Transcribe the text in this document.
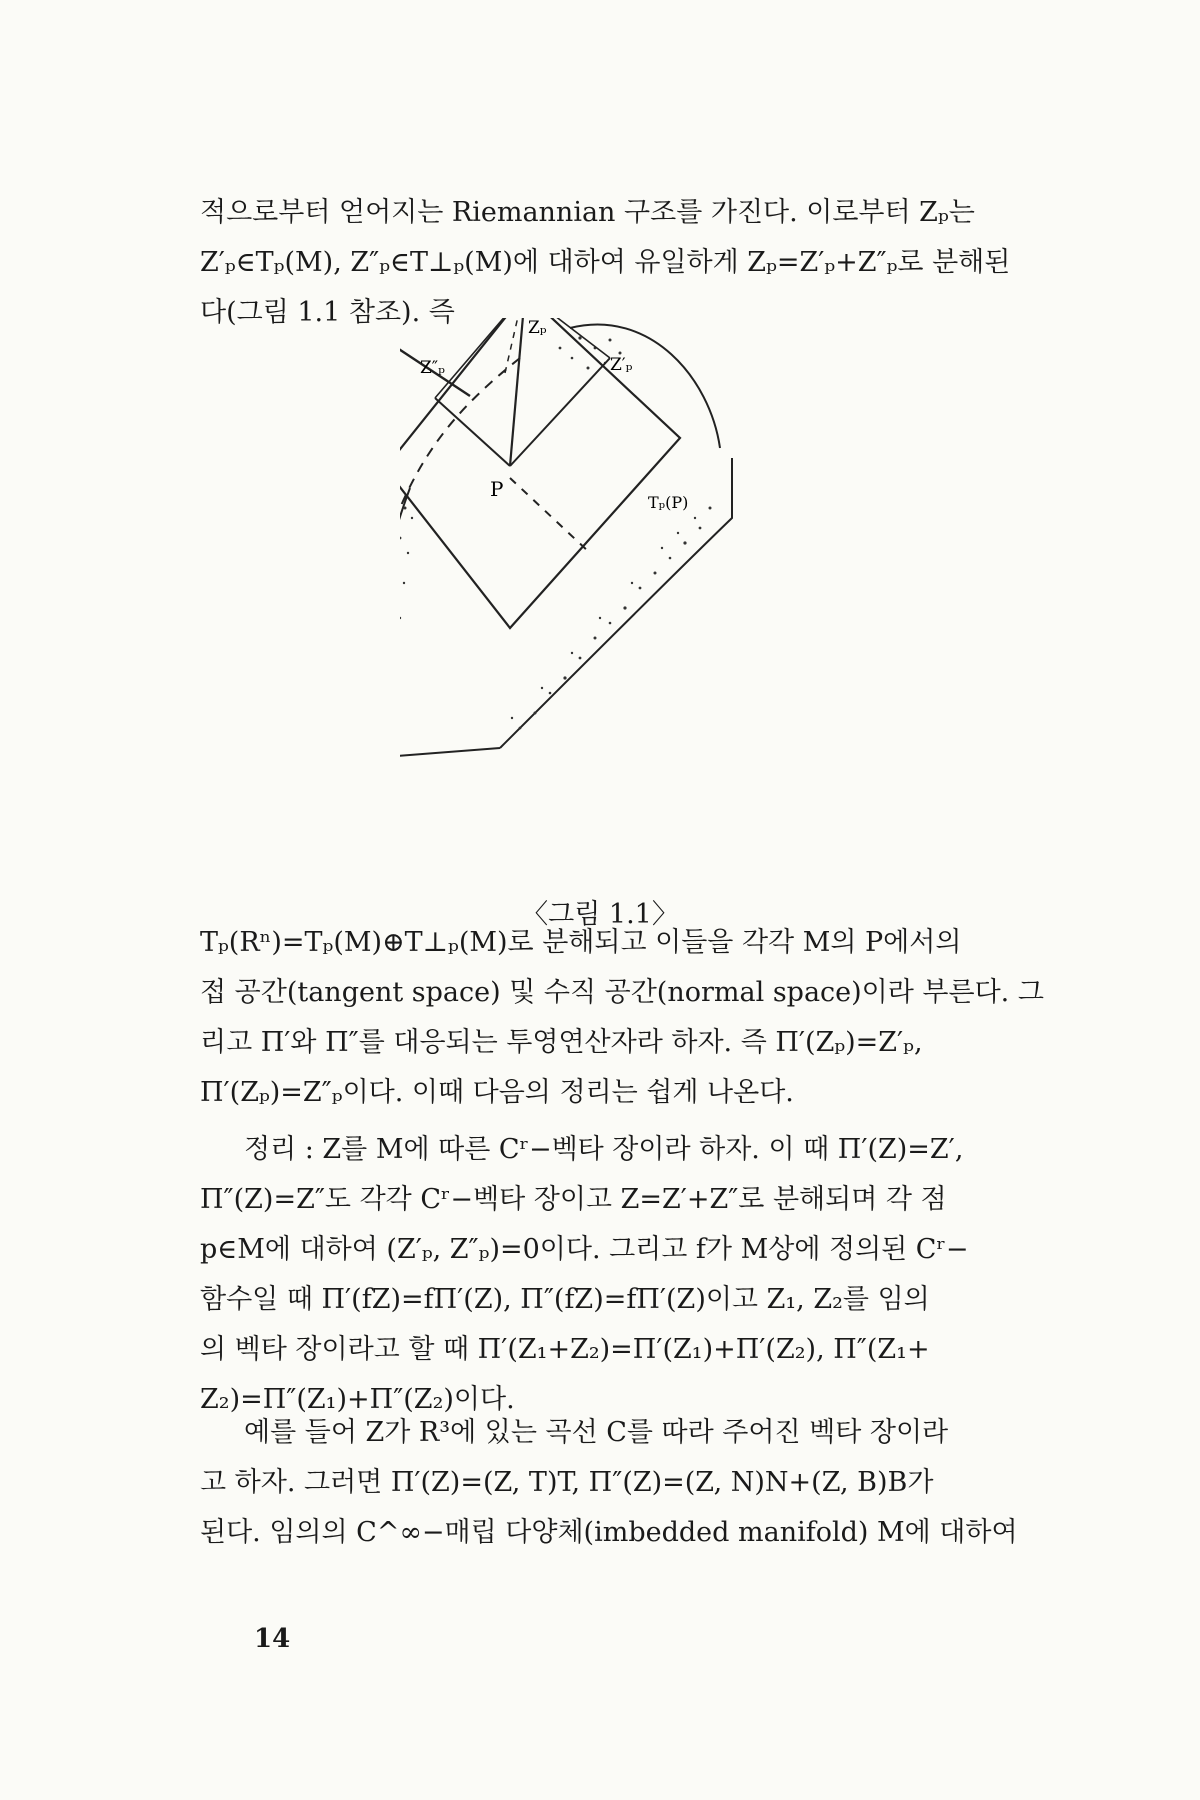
적으로부터 얻어지는 Riemannian 구조를 가진다. 이로부터 Zₚ는
Z′ₚ∈Tₚ(M), Z″ₚ∈T⊥ₚ(M)에 대하여 유일하게 Zₚ=Z′ₚ+Z″ₚ로 분해된
다(그림 1.1 참조). 즉	Zₚ
Z″ₚ	Z′ₚ
P
Tₚ(P)
〈그림 1.1〉
Tₚ(Rⁿ)=Tₚ(M)⊕T⊥ₚ(M)로 분해되고 이들을 각각 M의 P에서의
접 공간(tangent space) 및 수직 공간(normal space)이라 부른다. 그
리고 Π′와 Π″를 대응되는 투영연산자라 하자. 즉 Π′(Zₚ)=Z′ₚ,
Π′(Zₚ)=Z″ₚ이다. 이때 다음의 정리는 쉽게 나온다.
정리 : Z를 M에 따른 Cʳ−벡타 장이라 하자. 이 때 Π′(Z)=Z′,
Π″(Z)=Z″도 각각 Cʳ−벡타 장이고 Z=Z′+Z″로 분해되며 각 점
p∈M에 대하여 (Z′ₚ, Z″ₚ)=0이다. 그리고 f가 M상에 정의된 Cʳ−
함수일 때 Π′(fZ)=fΠ′(Z), Π″(fZ)=fΠ′(Z)이고 Z₁, Z₂를 임의
의 벡타 장이라고 할 때 Π′(Z₁+Z₂)=Π′(Z₁)+Π′(Z₂), Π″(Z₁+
Z₂)=Π″(Z₁)+Π″(Z₂)이다.
예를 들어 Z가 R³에 있는 곡선 C를 따라 주어진 벡타 장이라
고 하자. 그러면 Π′(Z)=(Z, T)T, Π″(Z)=(Z, N)N+(Z, B)B가
된다. 임의의 C^∞−매립 다양체(imbedded manifold) M에 대하여
14
